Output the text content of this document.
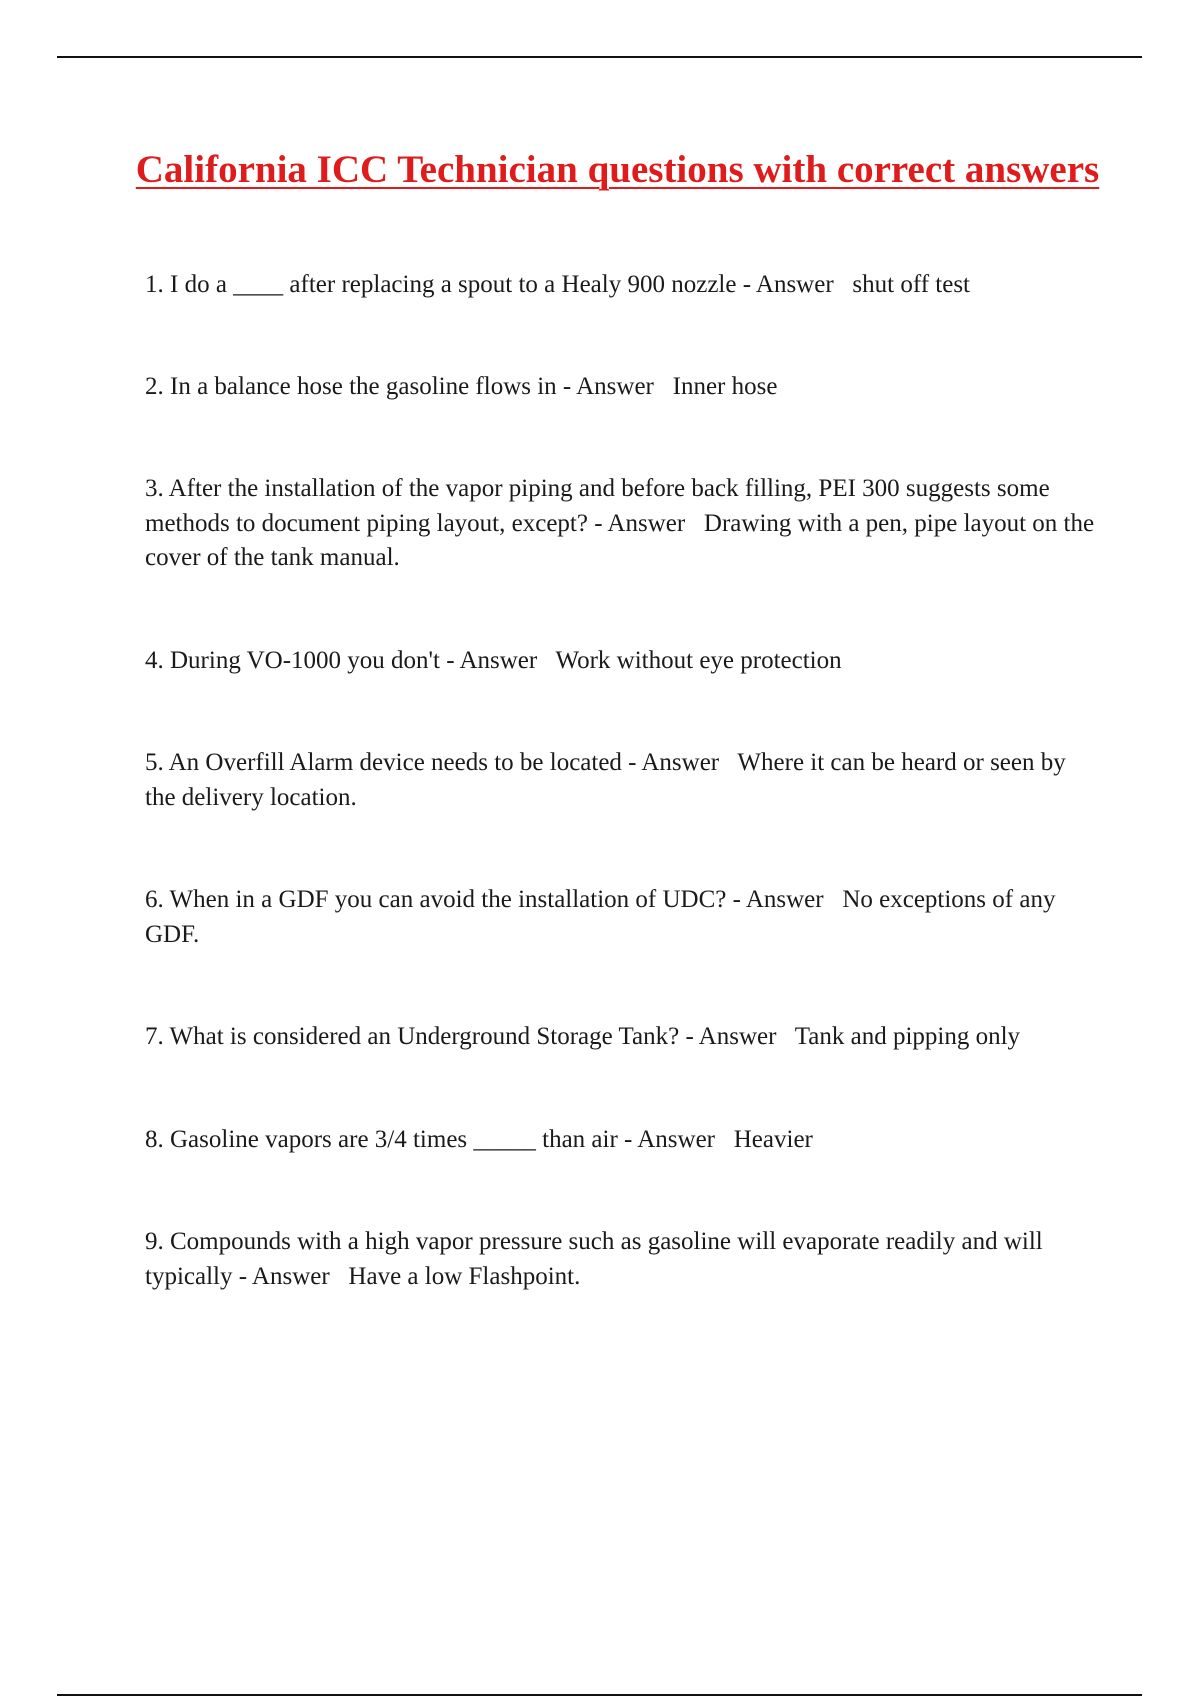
California ICC Technician questions with correct answers
1. I do a ____ after replacing a spout to a Healy 900 nozzle - Answer   shut off test
2. In a balance hose the gasoline flows in - Answer   Inner hose
3. After the installation of the vapor piping and before back filling, PEI 300 suggests some methods to document piping layout, except? - Answer   Drawing with a pen, pipe layout on the cover of the tank manual.
4. During VO-1000 you don't - Answer   Work without eye protection
5. An Overfill Alarm device needs to be located - Answer   Where it can be heard or seen by the delivery location.
6. When in a GDF you can avoid the installation of UDC? - Answer   No exceptions of any GDF.
7. What is considered an Underground Storage Tank? - Answer   Tank and pipping only
8. Gasoline vapors are 3/4 times _____ than air - Answer   Heavier
9. Compounds with a high vapor pressure such as gasoline will evaporate readily and will typically - Answer   Have a low Flashpoint.
